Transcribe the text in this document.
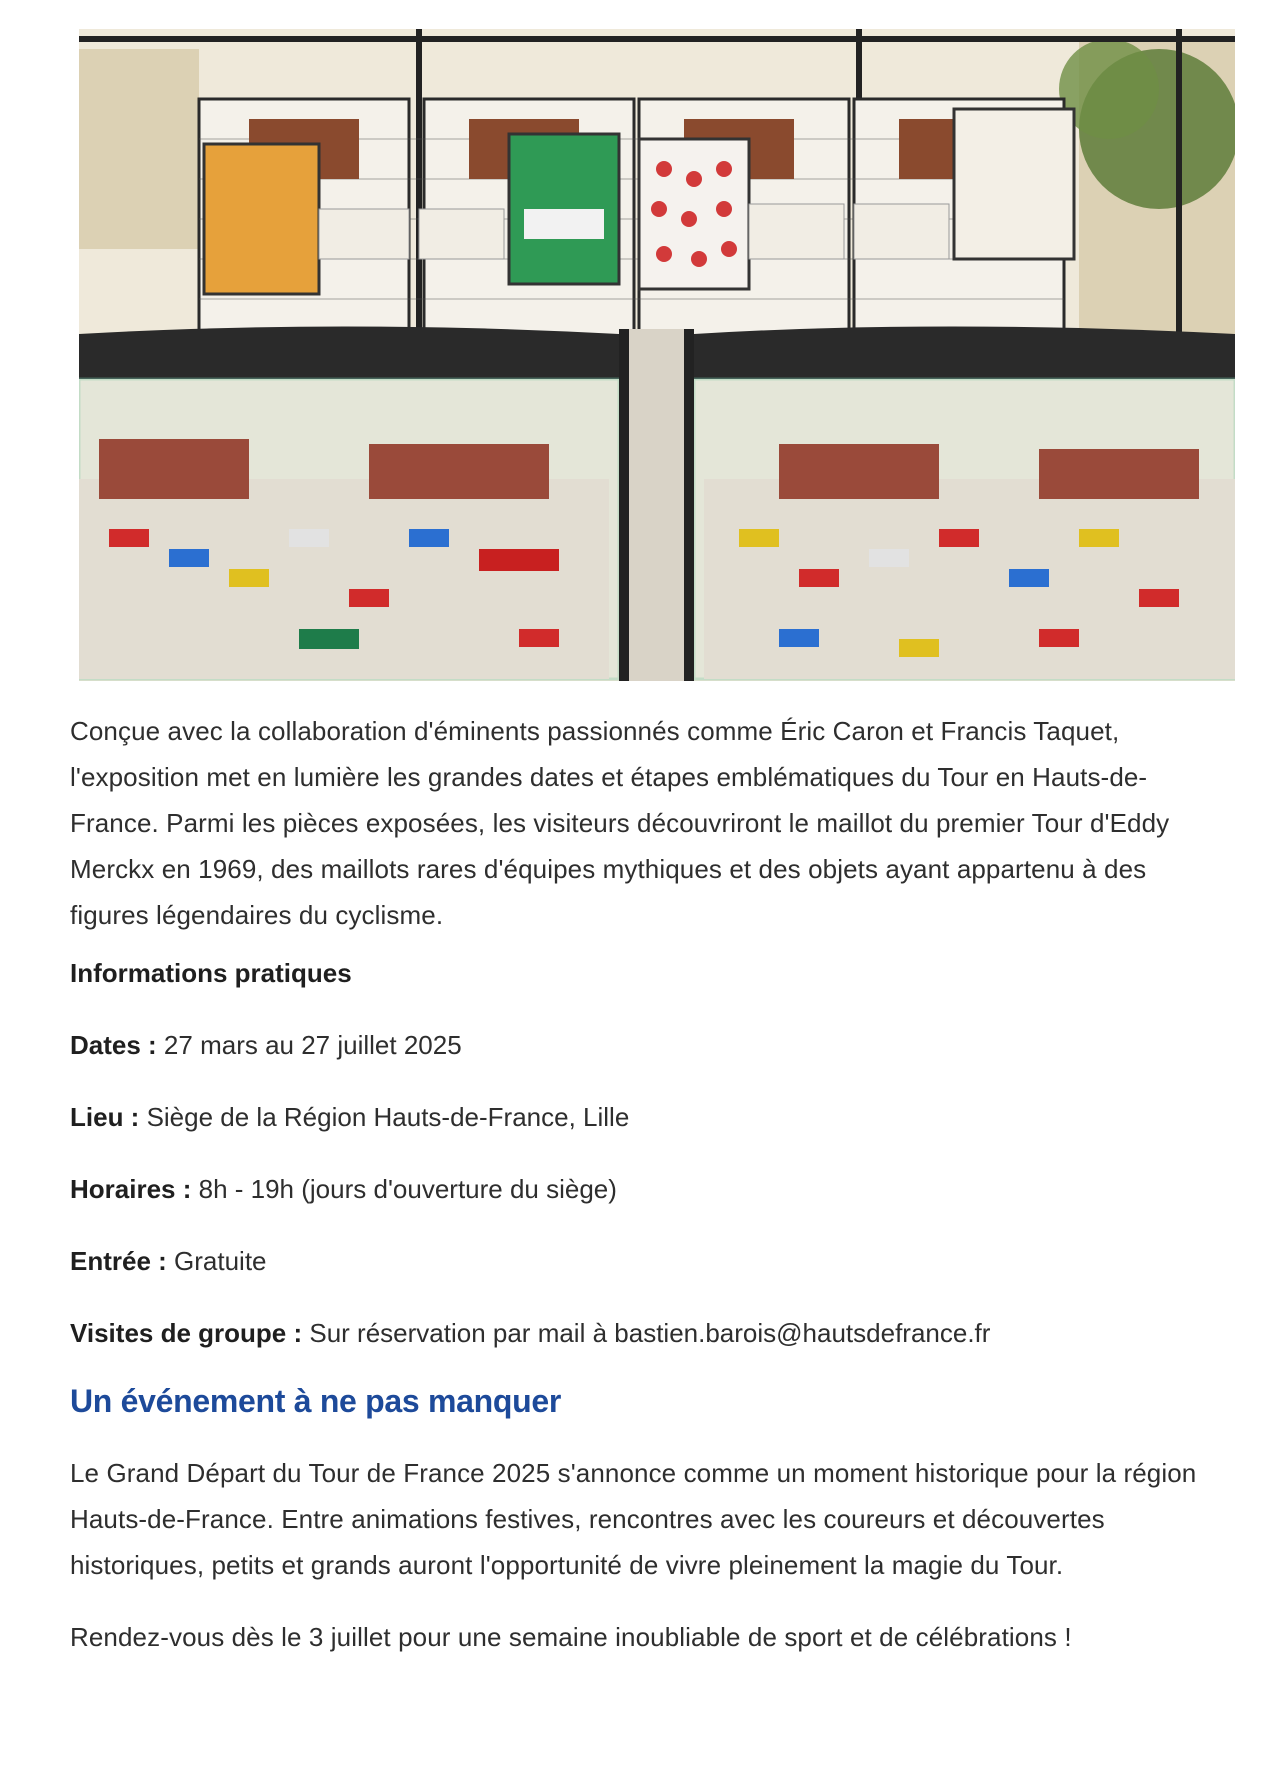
Conçue avec la collaboration d'éminents passionnés comme Éric Caron et Francis Taquet, l'exposition met en lumière les grandes dates et étapes emblématiques du Tour en Hauts-de-France. Parmi les pièces exposées, les visiteurs découvriront le maillot du premier Tour d'Eddy Merckx en 1969, des maillots rares d'équipes mythiques et des objets ayant appartenu à des figures légendaires du cyclisme.

Informations pratiques
Dates : 27 mars au 27 juillet 2025
Lieu : Siège de la Région Hauts-de-France, Lille
Horaires : 8h - 19h (jours d'ouverture du siège)
Entrée : Gratuite
Visites de groupe : Sur réservation par mail à bastien.barois@hautsdefrance.fr
Un événement à ne pas manquer

Le Grand Départ du Tour de France 2025 s'annonce comme un moment historique pour la région Hauts-de-France. Entre animations festives, rencontres avec les coureurs et découvertes historiques, petits et grands auront l'opportunité de vivre pleinement la magie du Tour.

Rendez-vous dès le 3 juillet pour une semaine inoubliable de sport et de célébrations !
